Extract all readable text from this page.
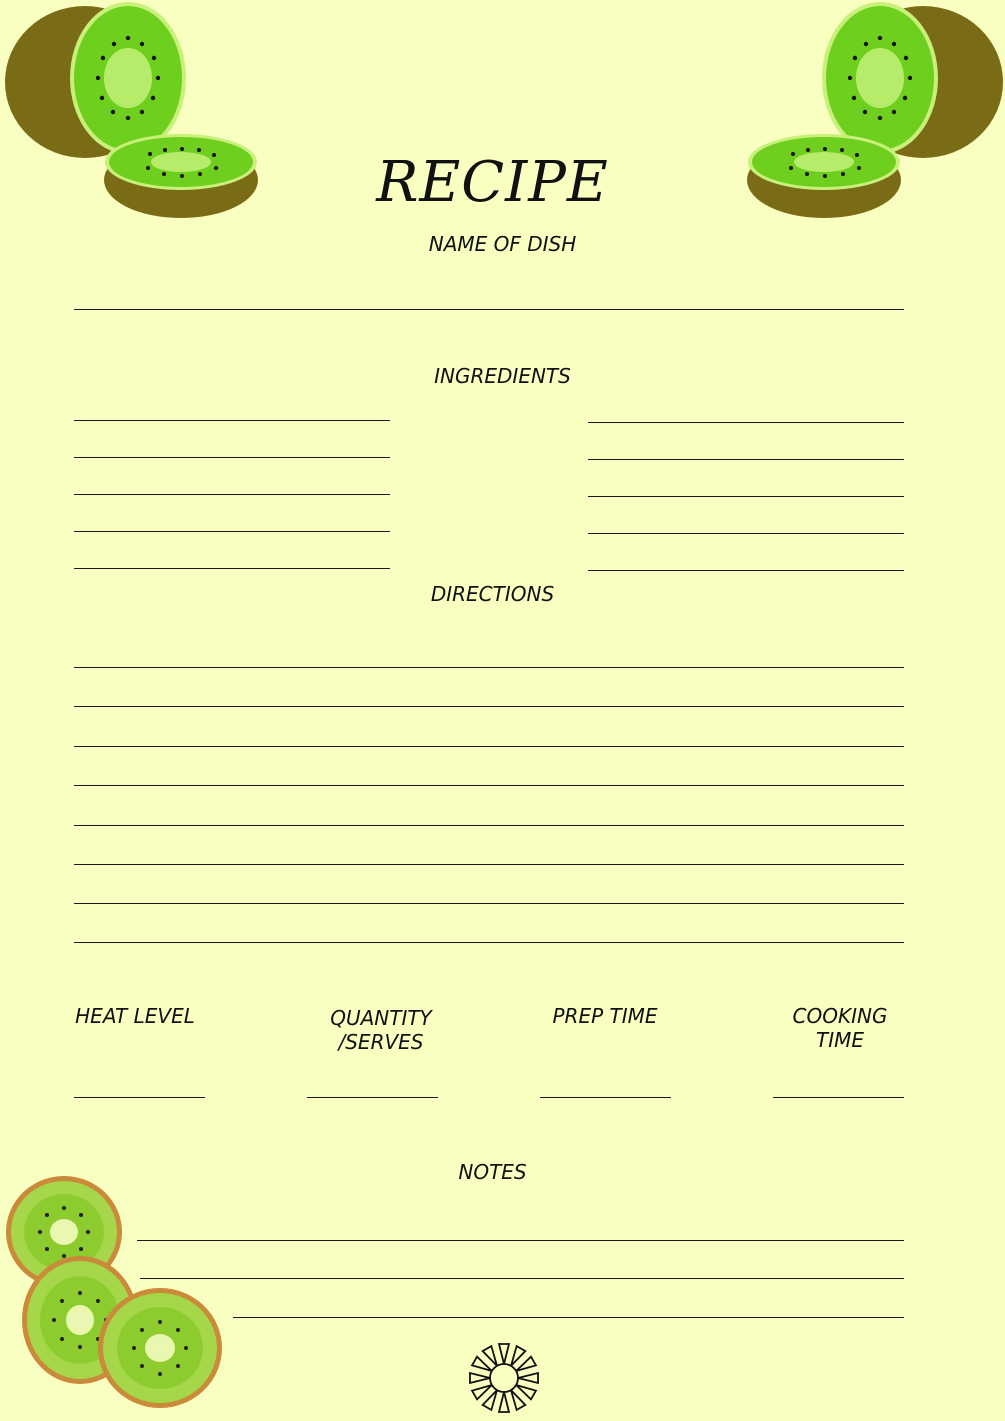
RECIPE
NAME OF DISH
INGREDIENTS
DIRECTIONS
HEAT LEVEL	QUANTITY
/SERVES
PREP TIME	COOKING
TIME
NOTES
